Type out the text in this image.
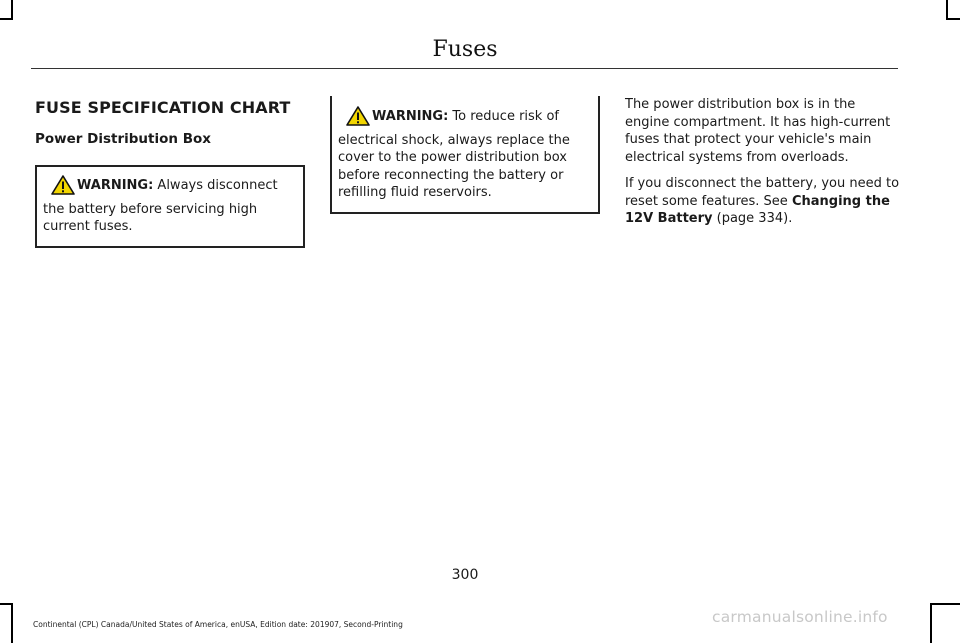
Fuses
FUSE SPECIFICATION CHART
Power Distribution Box
WARNING: Always disconnect the battery before servicing high current fuses.
WARNING: To reduce risk of electrical shock, always replace the cover to the power distribution box before reconnecting the battery or refilling fluid reservoirs.

The power distribution box is in the engine compartment. It has high-current fuses that protect your vehicle's main electrical systems from overloads.

If you disconnect the battery, you need to reset some features. See Changing the 12V Battery (page 334).

300
Continental (CPL) Canada/United States of America, enUSA, Edition date: 201907, Second-Printing	carmanualsonline.info
